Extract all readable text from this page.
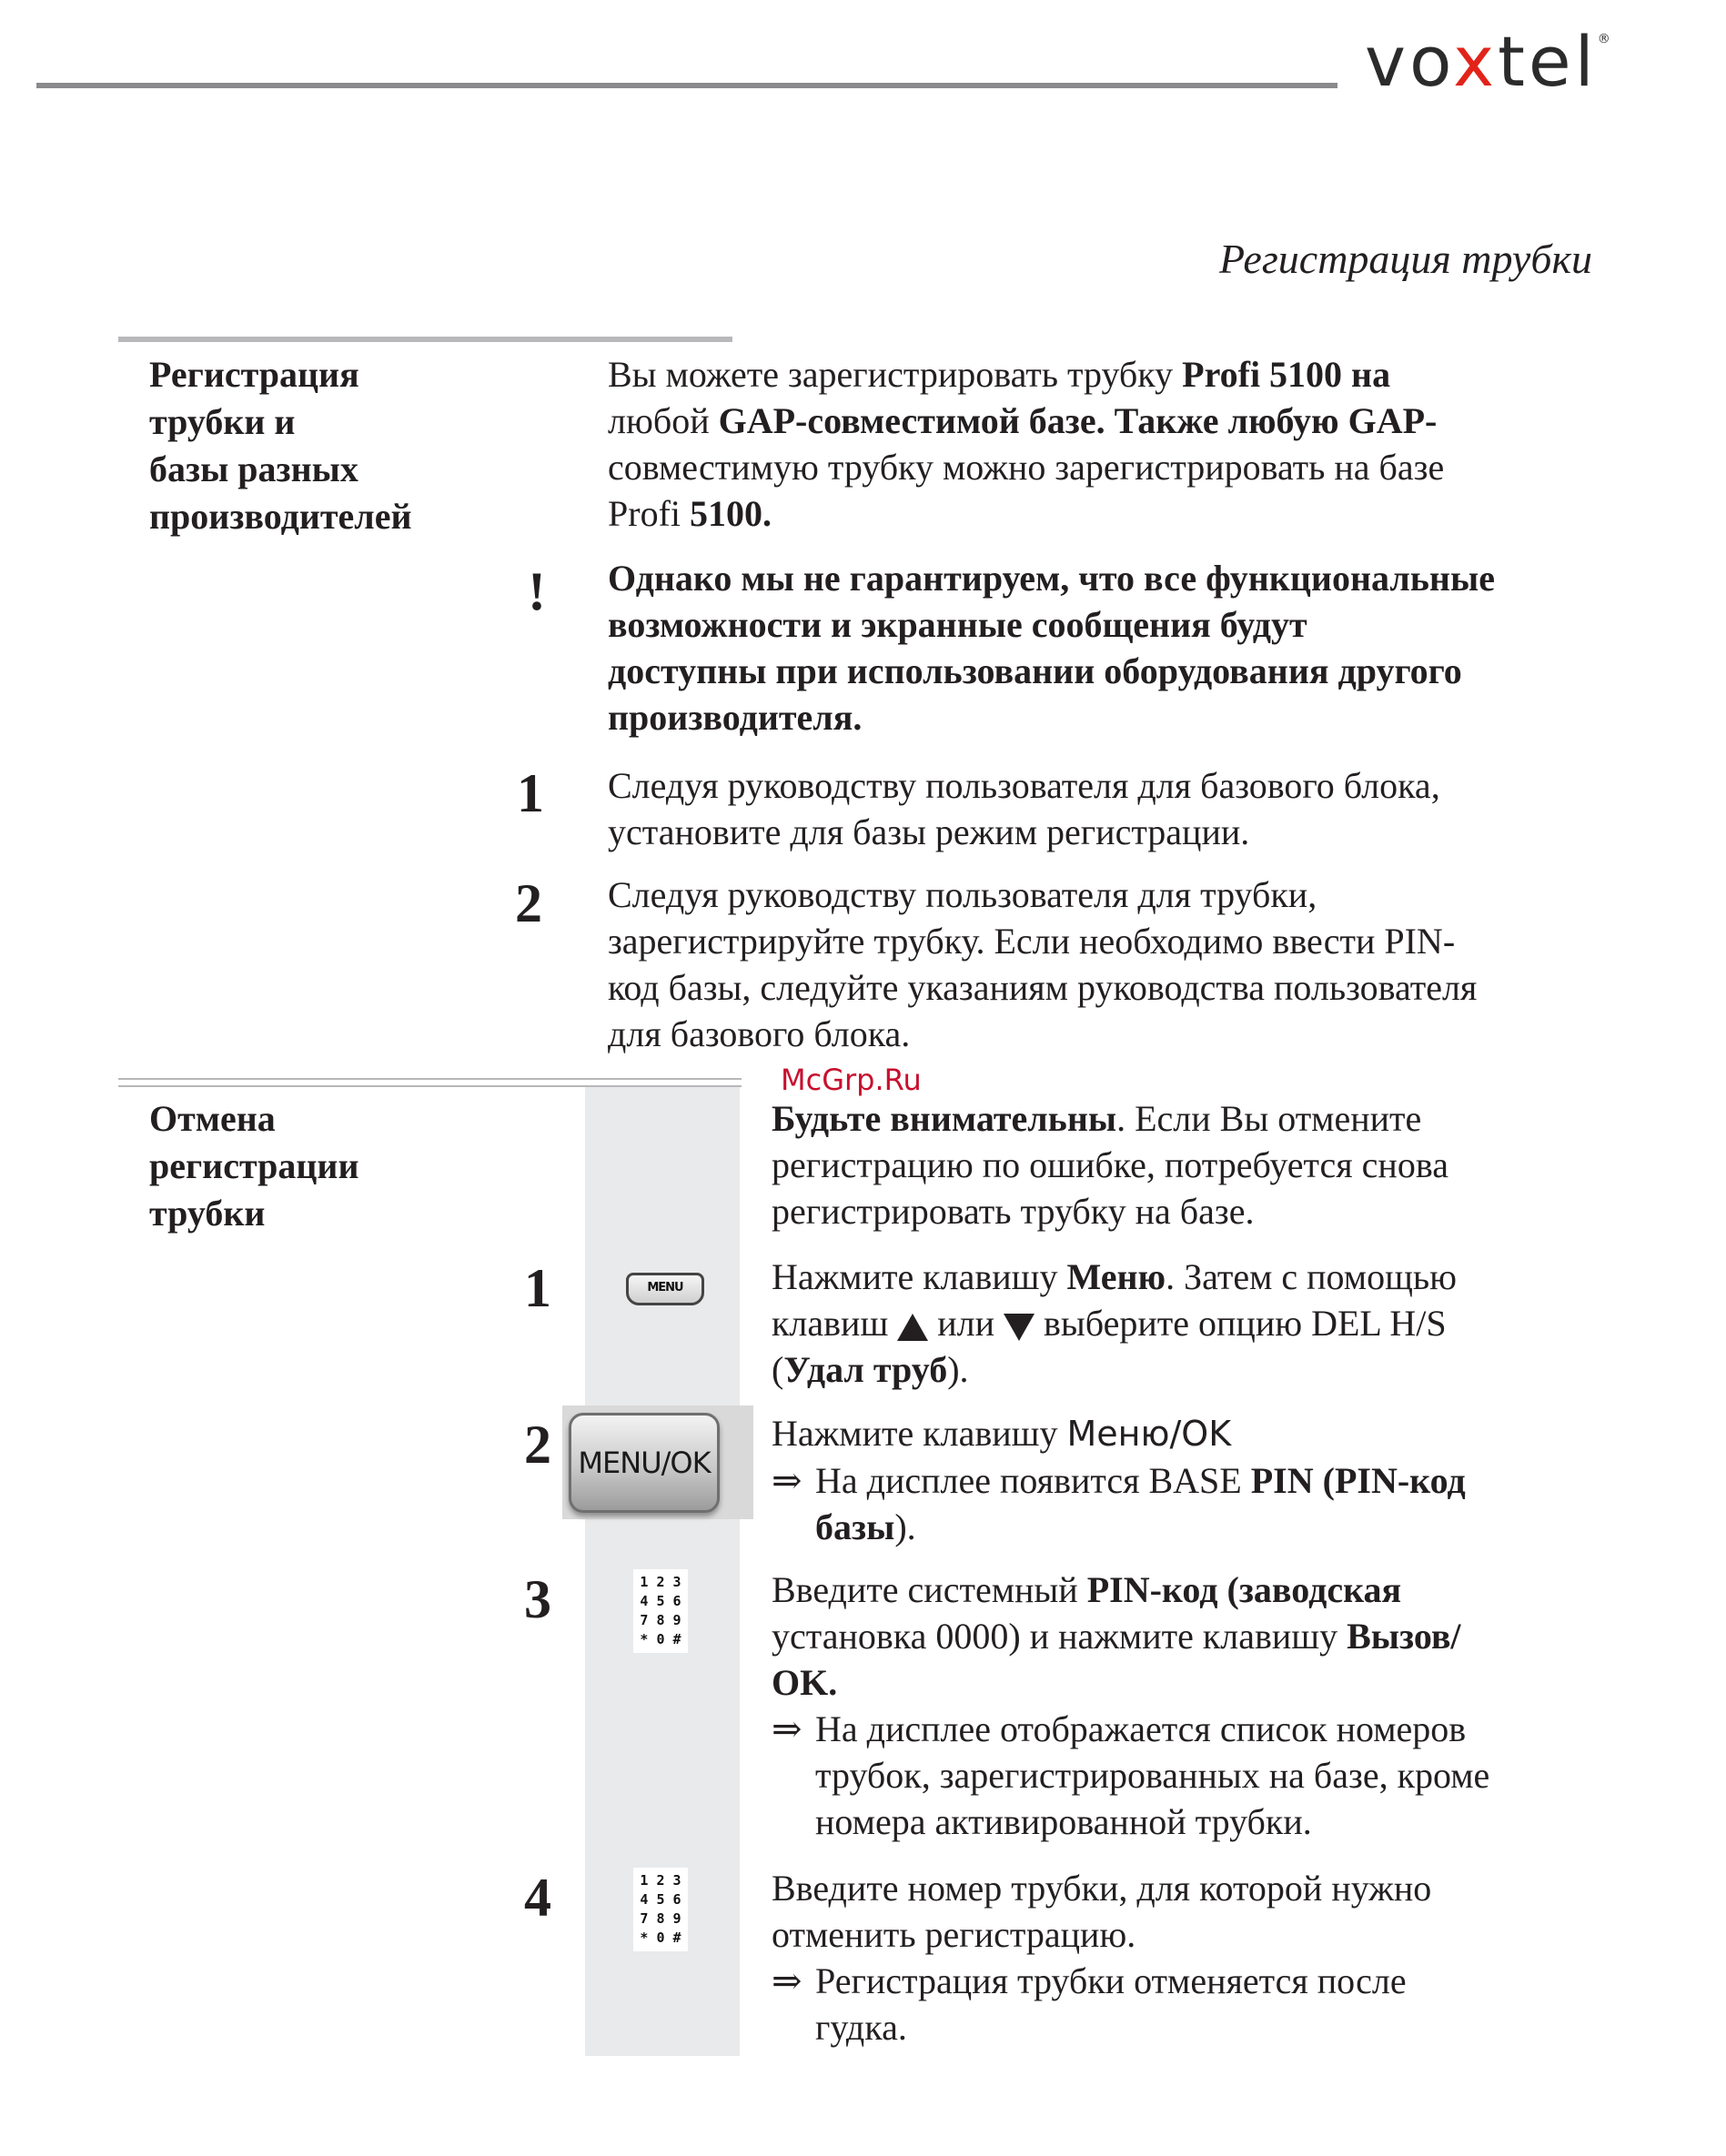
voxtel®
Регистрация трубки
Регистрация
трубки и
базы разных
производителей
Вы можете зарегистрировать трубку Profi 5100 на
любой GAP-совместимой базе. Также любую GAP-
совместимую трубку можно зарегистрировать на базе
Profi 5100.
! Однако мы не гарантируем, что все функциональные
возможности и экранные сообщения будут
доступны при использовании оборудования другого
производителя.
1 Следуя руководству пользователя для базового блока,
установите для базы режим регистрации.
2 Следуя руководству пользователя для трубки,
зарегистрируйте трубку. Если необходимо ввести PIN-
код базы, следуйте указаниям руководства пользователя
для базового блока.
McGrp.Ru
Отмена
регистрации
трубки
Будьте внимательны. Если Вы отмените
регистрацию по ошибке, потребуется снова
регистрировать трубку на базе.
1	MENU	Нажмите клавишу Меню. Затем с помощью
клавиш  или  выберите опцию DEL H/S
(Удал труб).
2 MENU/OK
Нажмите клавишу Меню/OK
⇒ На дисплее появится BASE PIN (PIN-код
базы).
3	1 2 3
4 5 6
7 8 9
* 0 #
Введите системный PIN-код (заводская
установка 0000) и нажмите клавишу Вызов/
OK.
⇒ На дисплее отображается список номеров
трубок, зарегистрированных на базе, кроме
номера активированной трубки.
4	1 2 3
4 5 6
7 8 9
* 0 #
Введите номер трубки, для которой нужно
отменить регистрацию.
⇒ Регистрация трубки отменяется после
гудка.
